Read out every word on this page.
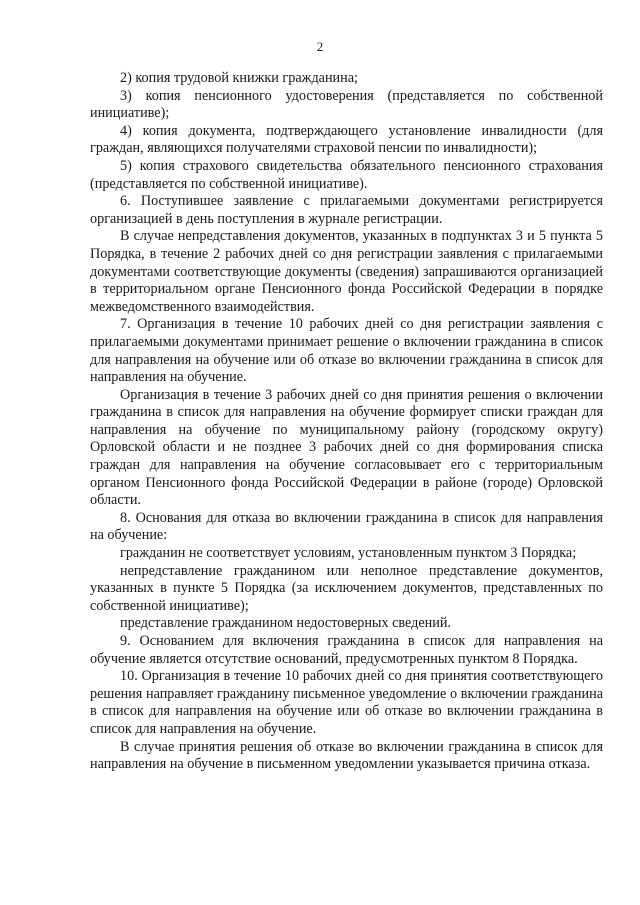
2

2) копия трудовой книжки гражданина;

3) копия пенсионного удостоверения (представляется по собственной инициативе);

4) копия документа, подтверждающего установление инвалидности (для граждан, являющихся получателями страховой пенсии по инвалидности);

5) копия страхового свидетельства обязательного пенсионного страхования (представляется по собственной инициативе).

6. Поступившее заявление с прилагаемыми документами регистрируется организацией в день поступления в журнале регистрации.

В случае непредставления документов, указанных в подпунктах 3 и 5 пункта 5 Порядка, в течение 2 рабочих дней со дня регистрации заявления с прилагаемыми документами соответствующие документы (сведения) запрашиваются организацией в территориальном органе Пенсионного фонда Российской Федерации в порядке межведомственного взаимодействия.

7. Организация в течение 10 рабочих дней со дня регистрации заявления с прилагаемыми документами принимает решение о включении гражданина в список для направления на обучение или об отказе во включении гражданина в список для направления на обучение.

Организация в течение 3 рабочих дней со дня принятия решения о включении гражданина в список для направления на обучение формирует списки граждан для направления на обучение по муниципальному району (городскому округу) Орловской области и не позднее 3 рабочих дней со дня формирования списка граждан для направления на обучение согласовывает его с территориальным органом Пенсионного фонда Российской Федерации в районе (городе) Орловской области.

8. Основания для отказа во включении гражданина в список для направления на обучение:

гражданин не соответствует условиям, установленным пунктом 3 Порядка;

непредставление гражданином или неполное представление документов, указанных в пункте 5 Порядка (за исключением документов, представленных по собственной инициативе);

представление гражданином недостоверных сведений.

9. Основанием для включения гражданина в список для направления на обучение является отсутствие оснований, предусмотренных пунктом 8 Порядка.

10. Организация в течение 10 рабочих дней со дня принятия соответствующего решения направляет гражданину письменное уведомление о включении гражданина в список для направления на обучение или об отказе во включении гражданина в список для направления на обучение.

В случае принятия решения об отказе во включении гражданина в список для направления на обучение в письменном уведомлении указывается причина отказа.
